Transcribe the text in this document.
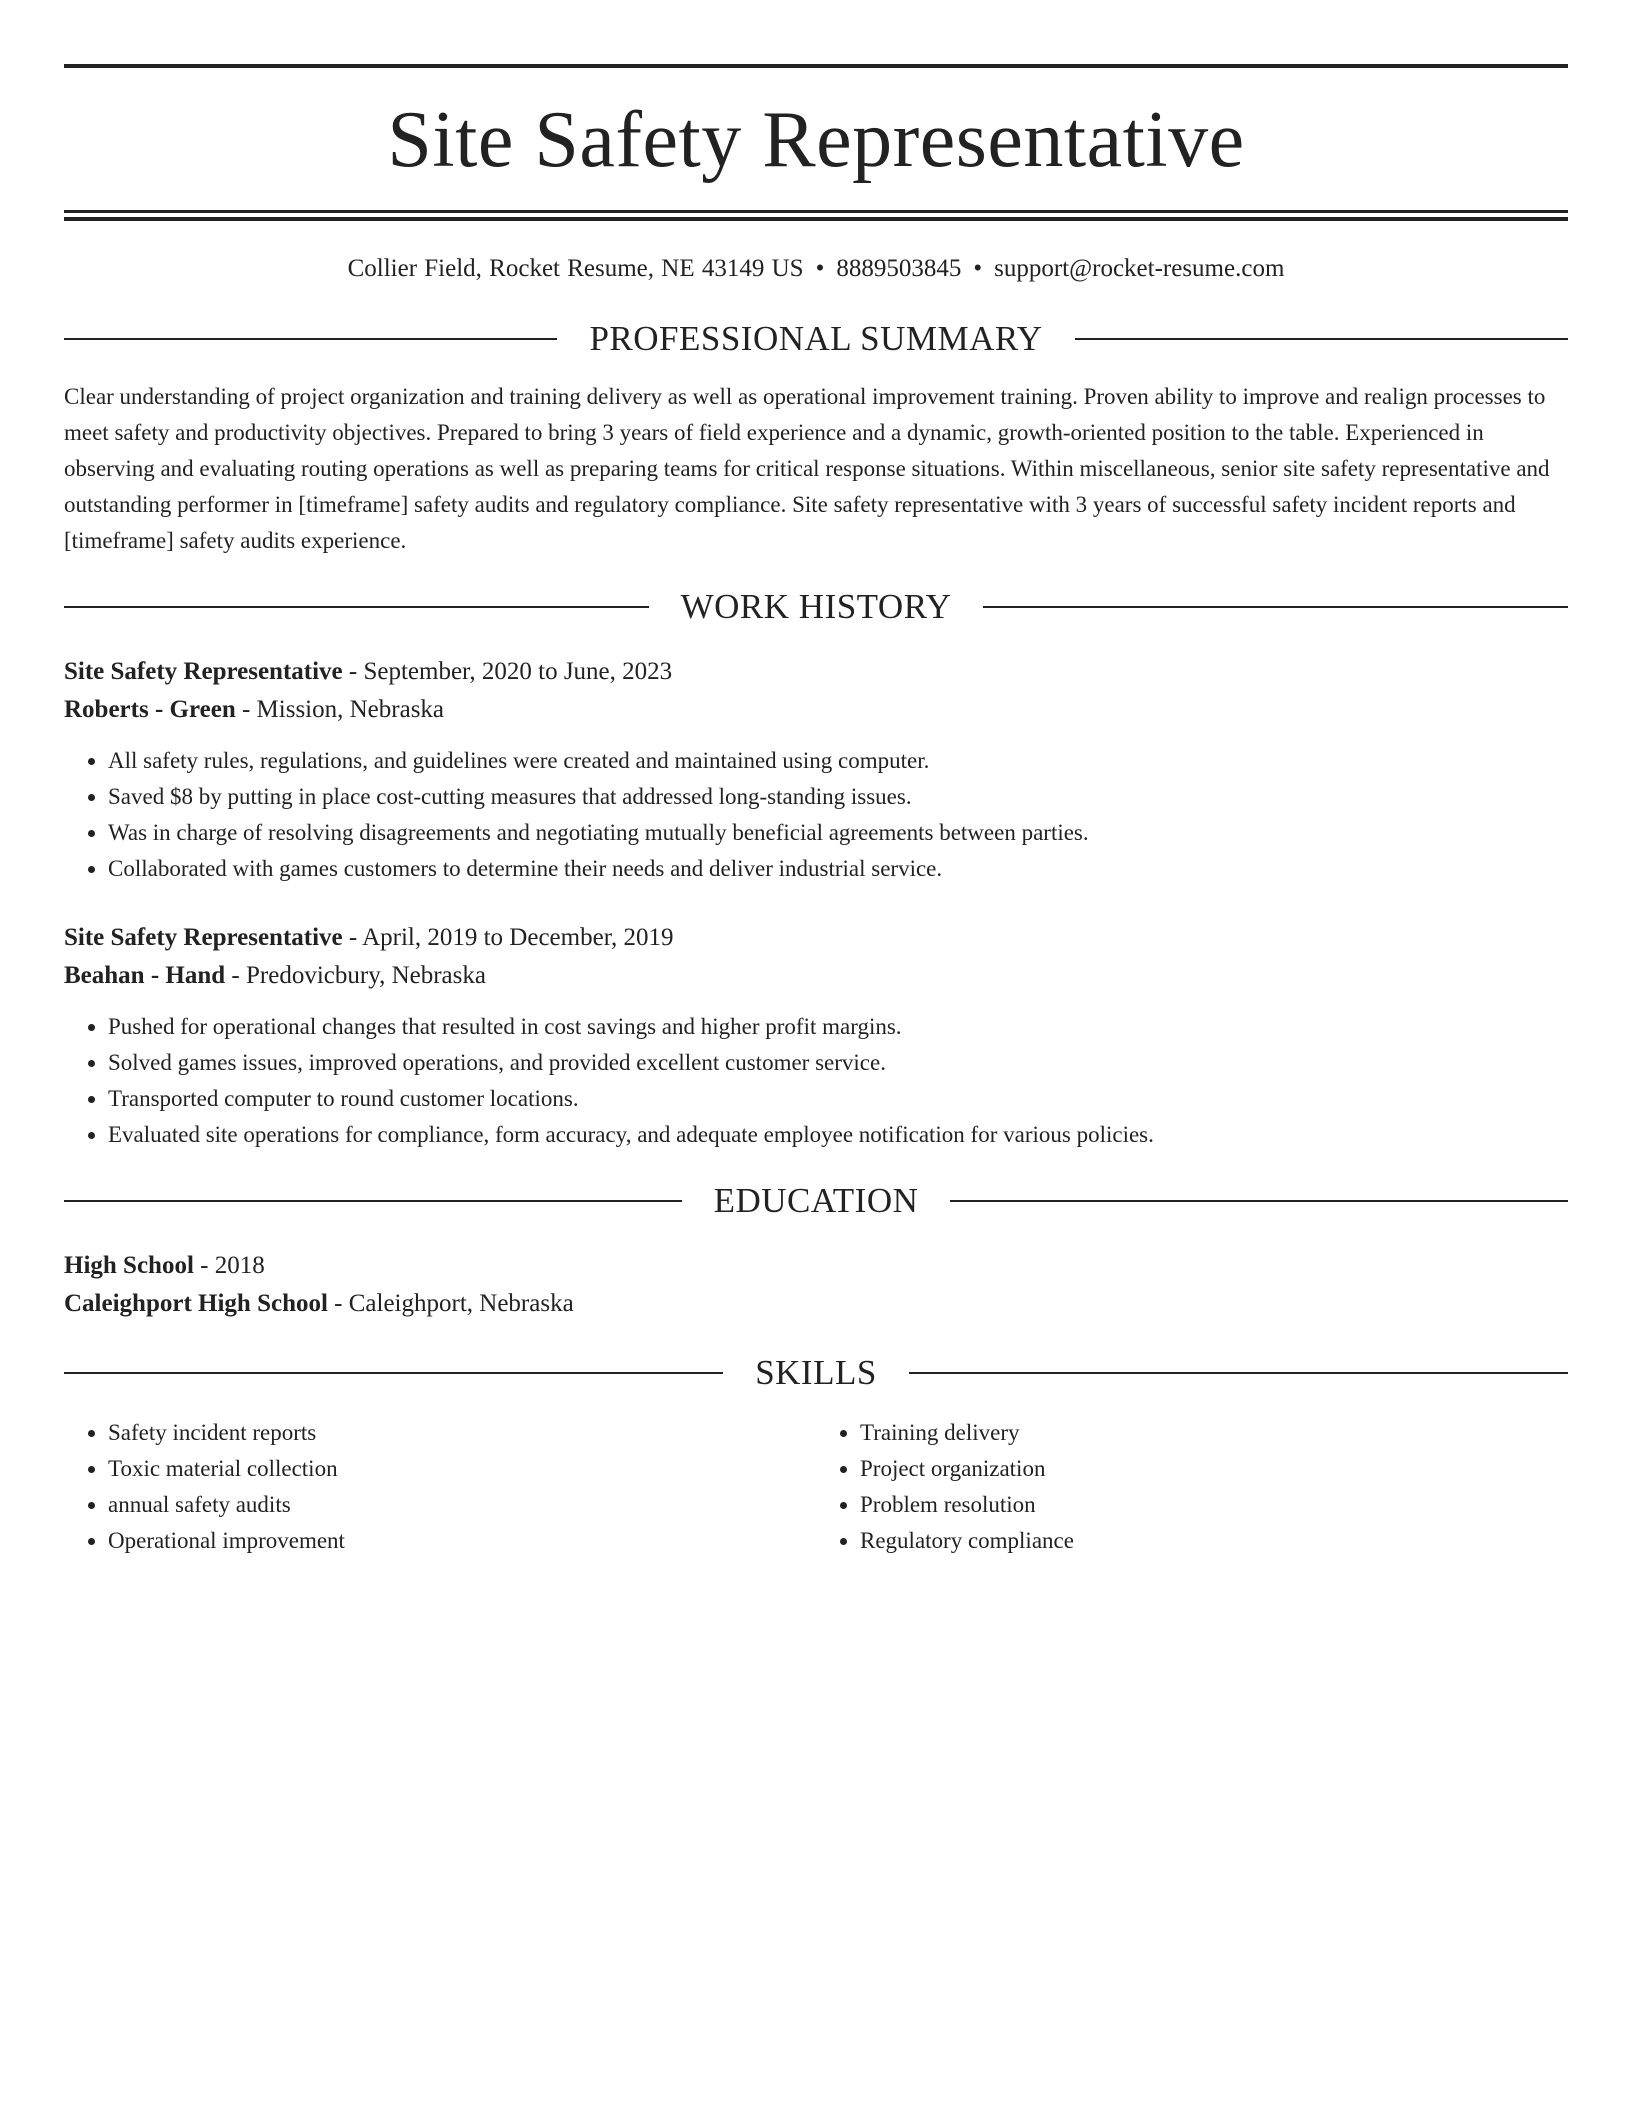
Site Safety Representative
Collier Field, Rocket Resume, NE 43149 US • 8889503845 • support@rocket-resume.com
PROFESSIONAL SUMMARY

Clear understanding of project organization and training delivery as well as operational improvement training. Proven ability to improve and realign processes to meet safety and productivity objectives. Prepared to bring 3 years of field experience and a dynamic, growth-oriented position to the table. Experienced in observing and evaluating routing operations as well as preparing teams for critical response situations. Within miscellaneous, senior site safety representative and outstanding performer in [timeframe] safety audits and regulatory compliance. Site safety representative with 3 years of successful safety incident reports and [timeframe] safety audits experience.

WORK HISTORY
Site Safety Representative - September, 2020 to June, 2023
Roberts - Green - Mission, Nebraska
• All safety rules, regulations, and guidelines were created and maintained using computer.
• Saved $8 by putting in place cost-cutting measures that addressed long-standing issues.
• Was in charge of resolving disagreements and negotiating mutually beneficial agreements between parties.
• Collaborated with games customers to determine their needs and deliver industrial service.
Site Safety Representative - April, 2019 to December, 2019
Beahan - Hand - Predovicbury, Nebraska
• Pushed for operational changes that resulted in cost savings and higher profit margins.
• Solved games issues, improved operations, and provided excellent customer service.
• Transported computer to round customer locations.
• Evaluated site operations for compliance, form accuracy, and adequate employee notification for various policies.
EDUCATION
High School - 2018
Caleighport High School - Caleighport, Nebraska
SKILLS
• Safety incident reports
• Toxic material collection
• annual safety audits
• Operational improvement
• Training delivery
• Project organization
• Problem resolution
• Regulatory compliance
